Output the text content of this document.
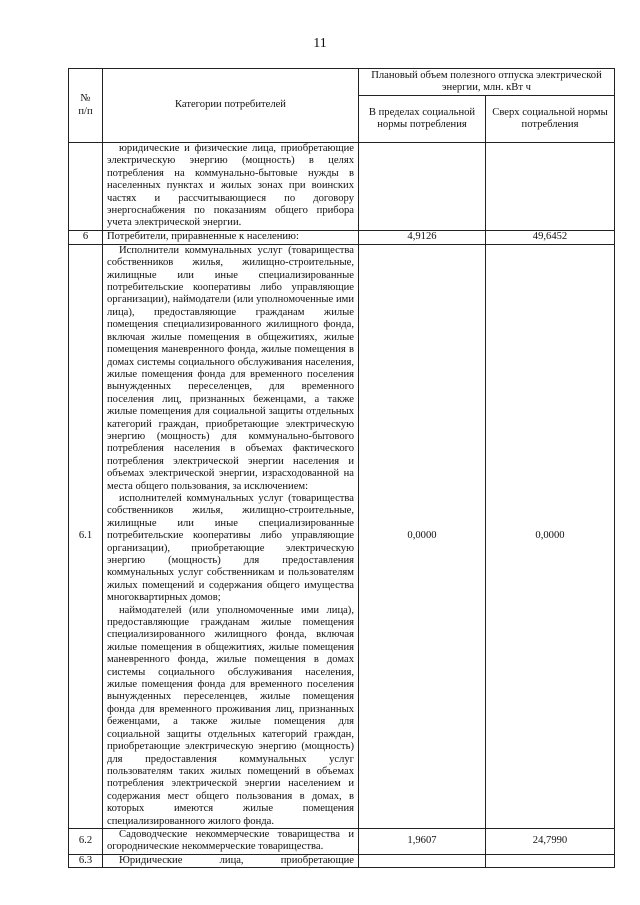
11
№
п/п	Категории потребителей	Плановый объем полезного отпуска электрической энергии, млн. кВт ч	
		В пределах социальной нормы потребления	Сверх социальной нормы потребления

	юридические и физические лица, приобретающие электрическую энергию (мощность) в целях потребления на коммунально-бытовые нужды в населенных пунктах и жилых зонах при воинских частях и рассчитывающиеся по договору энергоснабжения по показаниям общего прибора учета электрической энергии.		

6	Потребители, приравненные к населению:	4,9126	49,6452
6.1	Исполнители коммунальных услуг (товарищества собственников жилья, жилищно-строительные, жилищные или иные специализированные потребительские кооперативы либо управляющие организации), наймодатели (или уполномоченные ими лица), предоставляющие гражданам жилые помещения специализированного жилищного фонда, включая жилые помещения в общежитиях, жилые помещения маневренного фонда, жилые помещения в домах системы социального обслуживания населения, жилые помещения фонда для временного поселения вынужденных переселенцев, для временного поселения лиц, признанных беженцами, а также жилые помещения для социальной защиты отдельных категорий граждан, приобретающие электрическую энергию (мощность) для коммунально-бытового потребления населения в объемах фактического потребления электрической энергии населения и объемах электрической энергии, израсходованной на места общего пользования, за исключением:

исполнителей коммунальных услуг (товарищества собственников жилья, жилищно-строительные, жилищные или иные специализированные потребительские кооперативы либо управляющие организации), приобретающие электрическую энергию (мощность) для предоставления коммунальных услуг собственникам и пользователям жилых помещений и содержания общего имущества многоквартирных домов;

наймодателей (или уполномоченные ими лица), предоставляющие гражданам жилые помещения специализированного жилищного фонда, включая жилые помещения в общежитиях, жилые помещения маневренного фонда, жилые помещения в домах системы социального обслуживания населения, жилые помещения фонда для временного поселения вынужденных переселенцев, жилые помещения фонда для временного проживания лиц, признанных беженцами, а также жилые помещения для социальной защиты отдельных категорий граждан, приобретающие электрическую энергию (мощность) для предоставления коммунальных услуг пользователям таких жилых помещений в объемах потребления электрической энергии населением и содержания мест общего пользования в домах, в которых имеются жилые помещения специализированного жилого фонда.	0,0000	0,0000
6.2	Садоводческие некоммерческие товарищества и огороднические некоммерческие товарищества.	1,9607	24,7990
6.3	Юридические лица, приобретающие		
